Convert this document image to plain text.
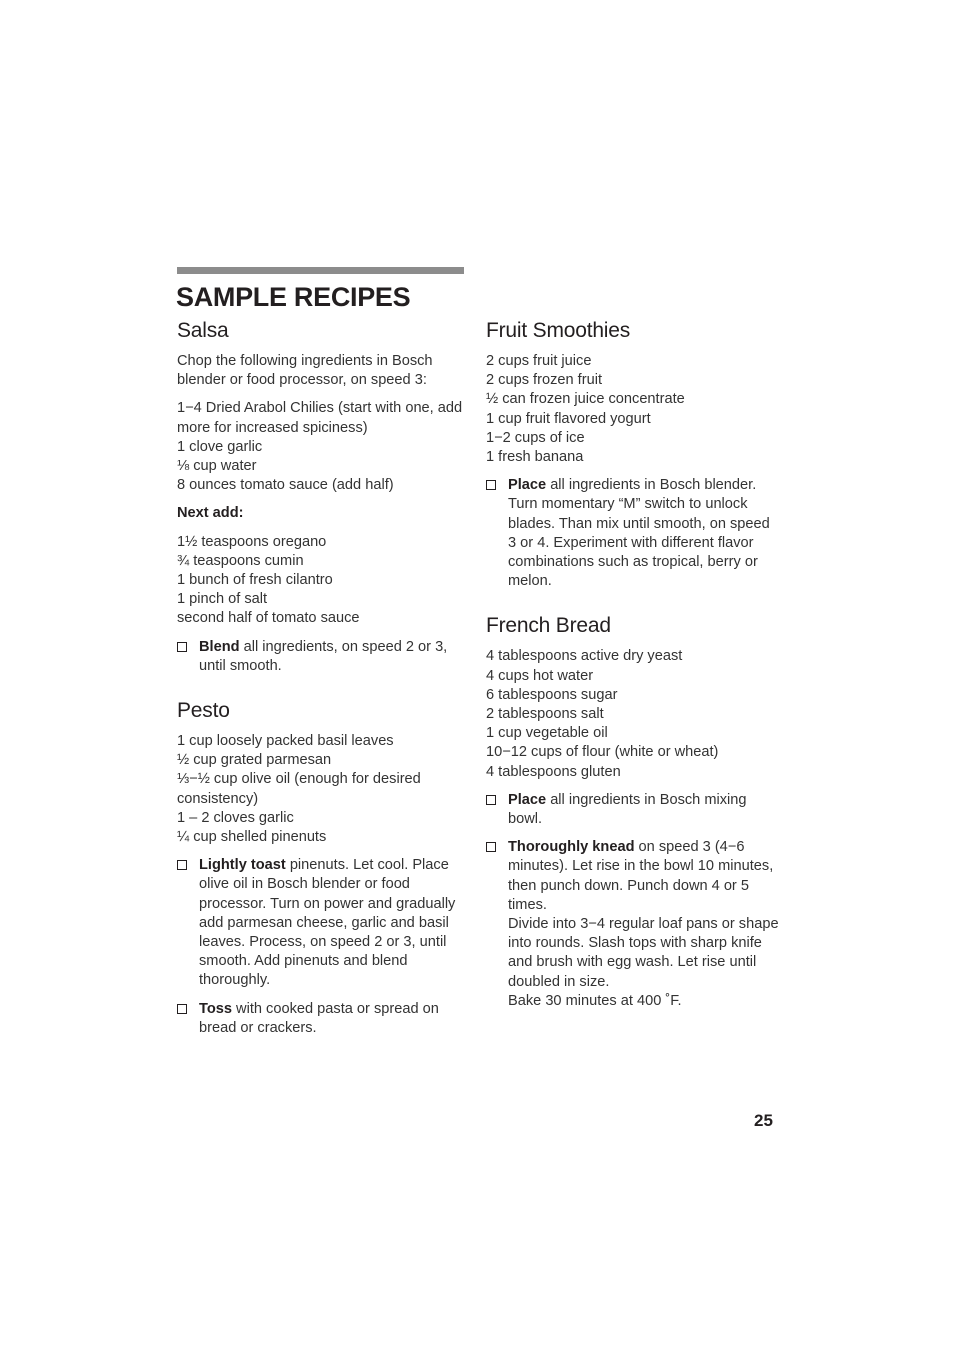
SAMPLE RECIPES
Salsa

Chop the following ingredients in Bosch blender or food processor, on speed 3:

1−4 Dried Arabol Chilies (start with one, add more for increased spiciness)
1 clove garlic
⅛ cup water
8 ounces tomato sauce (add half)

Next add:

1½ teaspoons oregano
¾ teaspoons cumin
1 bunch of fresh cilantro
1 pinch of salt
second half of tomato sauce
Blend all ingredients, on speed 2 or 3, until smooth.
Pesto
1 cup loosely packed basil leaves
½ cup grated parmesan
⅓−½ cup olive oil (enough for desired consistency)
1 – 2 cloves garlic
¼ cup shelled pinenuts
Lightly toast pinenuts. Let cool. Place olive oil in Bosch blender or food processor. Turn on power and gradually add parmesan cheese, garlic and basil leaves. Process, on speed 2 or 3, until smooth. Add pinenuts and blend thoroughly.
Toss with cooked pasta or spread on bread or crackers.
Fruit Smoothies
2 cups fruit juice
2 cups frozen fruit
½ can frozen juice concentrate
1 cup fruit flavored yogurt
1−2 cups of ice
1 fresh banana
Place all ingredients in Bosch blender. Turn momentary “M” switch to unlock blades. Than mix until smooth, on speed 3 or 4. Experiment with different flavor combinations such as tropical, berry or melon.
French Bread
4 tablespoons active dry yeast
4 cups hot water
6 tablespoons sugar
2 tablespoons salt
1 cup vegetable oil
10−12 cups of flour (white or wheat)
4 tablespoons gluten
Place all ingredients in Bosch mixing bowl.
Thoroughly knead on speed 3 (4−6 minutes). Let rise in the bowl 10 minutes, then punch down. Punch down 4 or 5 times.
Divide into 3−4 regular loaf pans or shape into rounds. Slash tops with sharp knife and brush with egg wash. Let rise until doubled in size.
Bake 30 minutes at 400 ˚F.
25
